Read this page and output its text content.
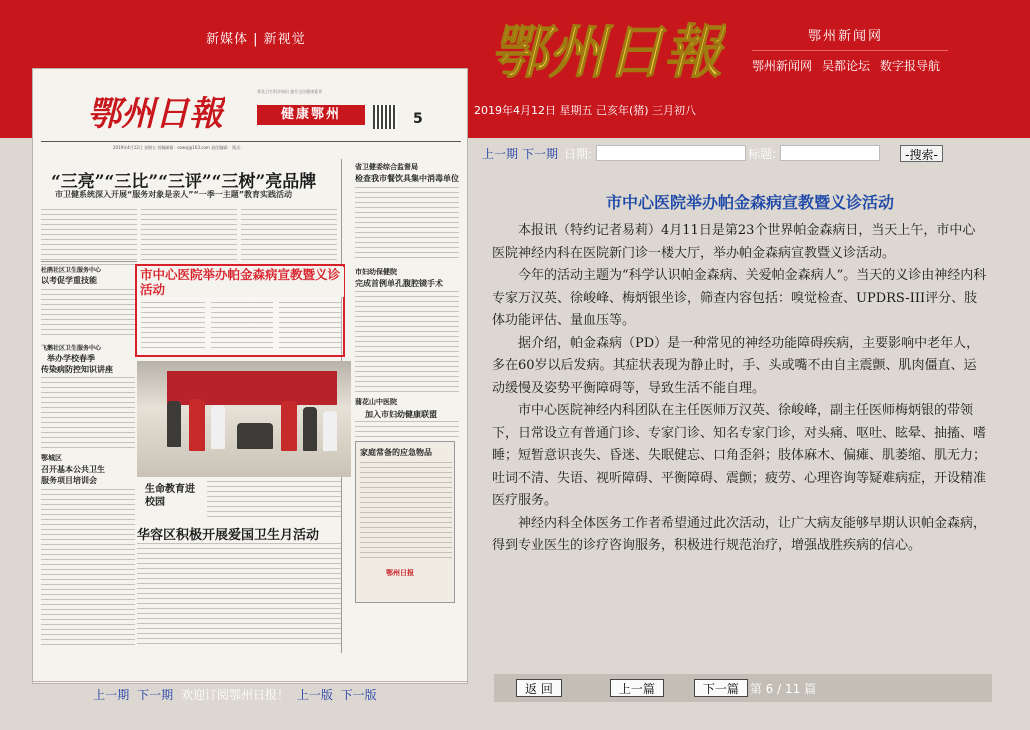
新媒体 | 新视觉	鄂州日報
2019年4月12日 星期五 己亥年(猪) 三月初八
鄂州新闻网
鄂州新闻网 吴都论坛 数字报导航
鄂州日報
普及卫生科学知识 提升全民健康素养
健康鄂州	5
2019年4月12日 星期五 投稿邮箱：ezwsj@163.com 责任编辑： 版式：
“三亮”“三比”“三评”“三树”亮品牌
市卫健系统深入开展“服务对象是亲人”“一季一主题”教育实践活动
省卫健委综合监督局
检查我市餐饮具集中消毒单位
市妇幼保健院
完成首例单孔腹腔镜手术
蒲花山中医院
加入市妇幼健康联盟
杜鹃社区卫生服务中心
以考促学重技能
飞鹅社区卫生服务中心
举办学校春季
传染病防控知识讲座
鄂城区
召开基本公共卫生
服务项目培训会
市中心医院举办帕金森病宣教暨义诊活动
生命教育进校园
华容区积极开展爱国卫生月活动
家庭常备的应急物品
鄂州日报
上一期 下一期 欢迎订阅鄂州日报！ 上一版 下一版
上一期 下一期 日期:	标题:	-搜索-
市中心医院举办帕金森病宣教暨义诊活动

本报讯（特约记者易莉）4月11日是第23个世界帕金森病日，当天上午，市中心医院神经内科在医院新门诊一楼大厅，举办帕金森病宣教暨义诊活动。

今年的活动主题为“科学认识帕金森病、关爱帕金森病人”。当天的义诊由神经内科专家万汉英、徐峻峰、梅炳银坐诊，筛查内容包括：嗅觉检查、UPDRS-III评分、肢体功能评估、量血压等。

据介绍，帕金森病（PD）是一种常见的神经功能障碍疾病，主要影响中老年人，多在60岁以后发病。其症状表现为静止时，手、头或嘴不由自主震颤、肌肉僵直、运动缓慢及姿势平衡障碍等，导致生活不能自理。

市中心医院神经内科团队在主任医师万汉英、徐峻峰，副主任医师梅炳银的带领下，日常设立有普通门诊、专家门诊、知名专家门诊，对头痛、呕吐、眩晕、抽搐、嗜睡；短暂意识丧失、昏迷、失眠健忘、口角歪斜；肢体麻木、偏瘫、肌萎缩、肌无力；吐词不清、失语、视听障碍、平衡障碍、震颤；疲劳、心理咨询等疑难病症，开设精准医疗服务。

神经内科全体医务工作者希望通过此次活动，让广大病友能够早期认识帕金森病，得到专业医生的诊疗咨询服务，积极进行规范治疗，增强战胜疾病的信心。

返 回	上一篇	下一篇 第 6 / 11 篇
